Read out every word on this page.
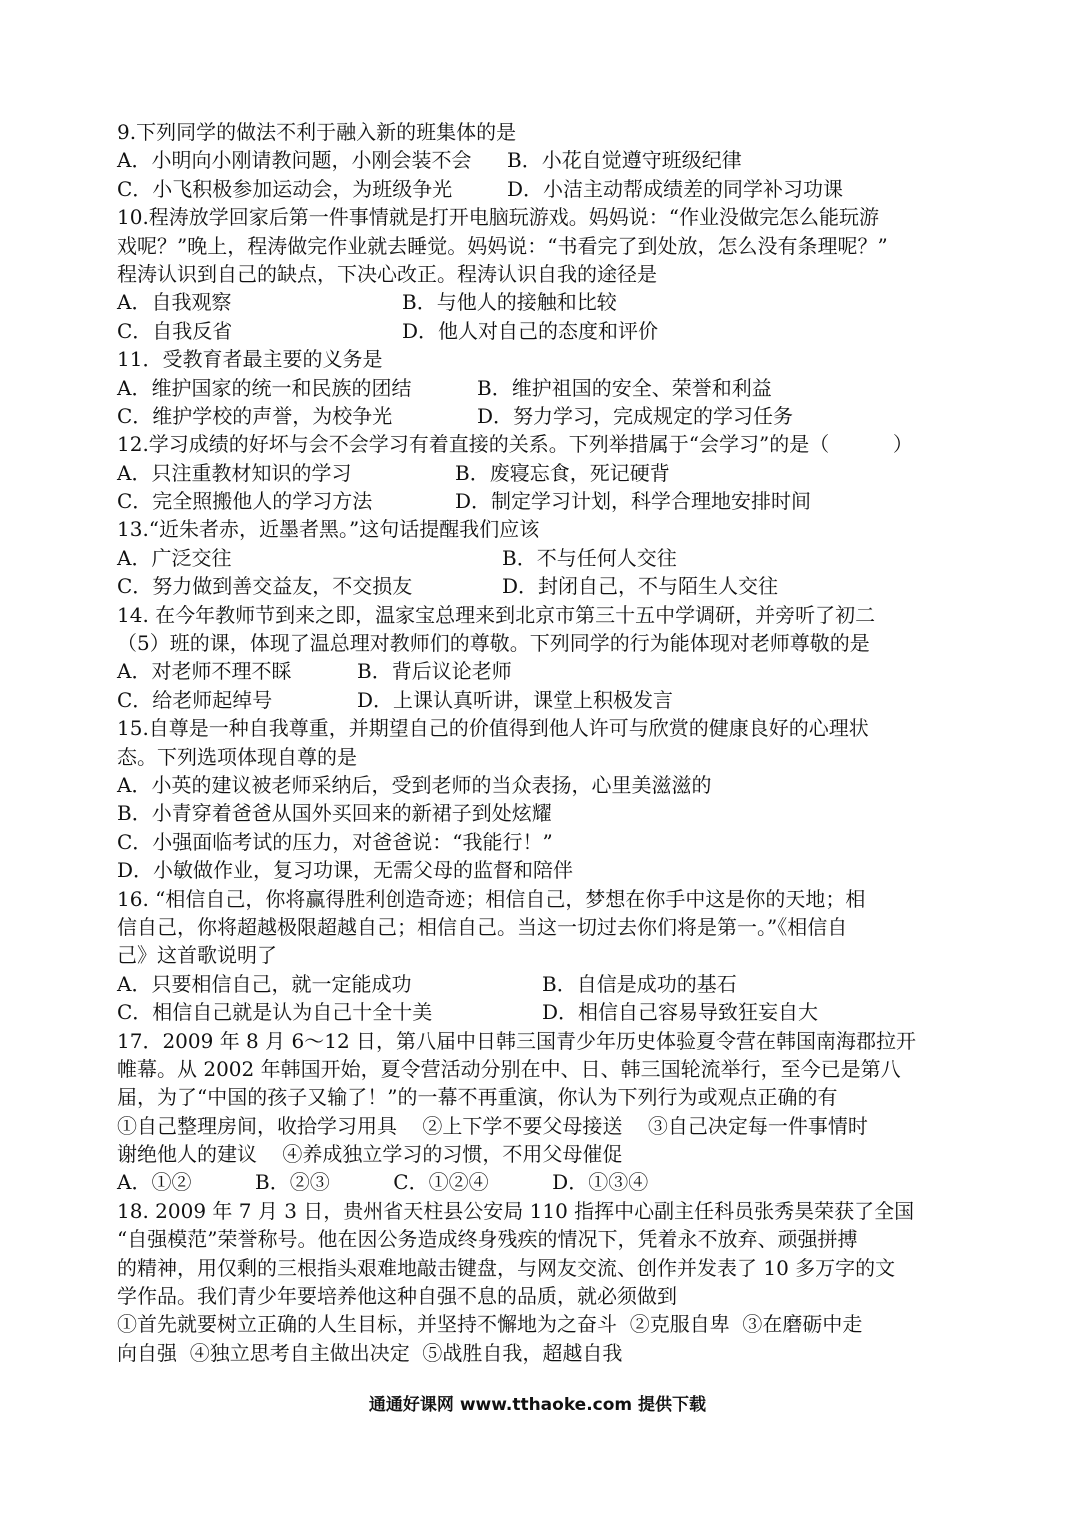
9.下列同学的做法不利于融入新的班集体的是
A．小明向小刚请教问题，小刚会装不会 B．小花自觉遵守班级纪律
C．小飞积极参加运动会，为班级争光	D．小洁主动帮成绩差的同学补习功课
10.程涛放学回家后第一件事情就是打开电脑玩游戏。妈妈说：“作业没做完怎么能玩游
戏呢？”晚上，程涛做完作业就去睡觉。妈妈说：“书看完了到处放，怎么没有条理呢？”
程涛认识到自己的缺点，下决心改正。程涛认识自我的途径是
A．自我观察	B．与他人的接触和比较
C．自我反省	D．他人对自己的态度和评价
11．受教育者最主要的义务是
A．维护国家的统一和民族的团结	B．维护祖国的安全、荣誉和利益
C．维护学校的声誉，为校争光	D．努力学习，完成规定的学习任务
12.学习成绩的好坏与会不会学习有着直接的关系。下列举措属于“会学习”的是（          ）
A．只注重教材知识的学习	B．废寝忘食，死记硬背
C．完全照搬他人的学习方法	D．制定学习计划，科学合理地安排时间
13.“近朱者赤，近墨者黑。”这句话提醒我们应该
A．广泛交往	B．不与任何人交往
C．努力做到善交益友，不交损友	D．封闭自己，不与陌生人交往
14. 在今年教师节到来之即，温家宝总理来到北京市第三十五中学调研，并旁听了初二
（5）班的课，体现了温总理对教师们的尊敬。下列同学的行为能体现对老师尊敬的是
A．对老师不理不睬	B．背后议论老师
C．给老师起绰号	D．上课认真听讲，课堂上积极发言
15.自尊是一种自我尊重，并期望自己的价值得到他人许可与欣赏的健康良好的心理状
态。下列选项体现自尊的是
A．小英的建议被老师采纳后，受到老师的当众表扬，心里美滋滋的
B．小青穿着爸爸从国外买回来的新裙子到处炫耀
C．小强面临考试的压力，对爸爸说：“我能行！”
D．小敏做作业，复习功课，无需父母的监督和陪伴
16. “相信自己，你将赢得胜利创造奇迹；相信自己，梦想在你手中这是你的天地；相
信自己，你将超越极限超越自己；相信自己。当这一切过去你们将是第一。”《相信自
己》这首歌说明了
A．只要相信自己，就一定能成功	B．自信是成功的基石
C．相信自己就是认为自己十全十美	D．相信自己容易导致狂妄自大
17．2009 年 8 月 6～12 日，第八届中日韩三国青少年历史体验夏令营在韩国南海郡拉开
帷幕。从 2002 年韩国开始，夏令营活动分别在中、日、韩三国轮流举行，至今已是第八
届，为了“中国的孩子又输了！”的一幕不再重演，你认为下列行为或观点正确的有
①自己整理房间，收拾学习用具    ②上下学不要父母接送    ③自己决定每一件事情时
谢绝他人的建议    ④养成独立学习的习惯，不用父母催促
A．①②          B．②③          C．①②④          D．①③④
18. 2009 年 7 月 3 日，贵州省天柱县公安局 110 指挥中心副主任科员张秀昊荣获了全国
“自强模范”荣誉称号。他在因公务造成终身残疾的情况下，凭着永不放弃、顽强拼搏
的精神，用仅剩的三根指头艰难地敲击键盘，与网友交流、创作并发表了 10 多万字的文
学作品。我们青少年要培养他这种自强不息的品质，就必须做到
①首先就要树立正确的人生目标，并坚持不懈地为之奋斗  ②克服自卑  ③在磨砺中走
向自强  ④独立思考自主做出决定  ⑤战胜自我，超越自我
通通好课网 www.tthaoke.com 提供下载
